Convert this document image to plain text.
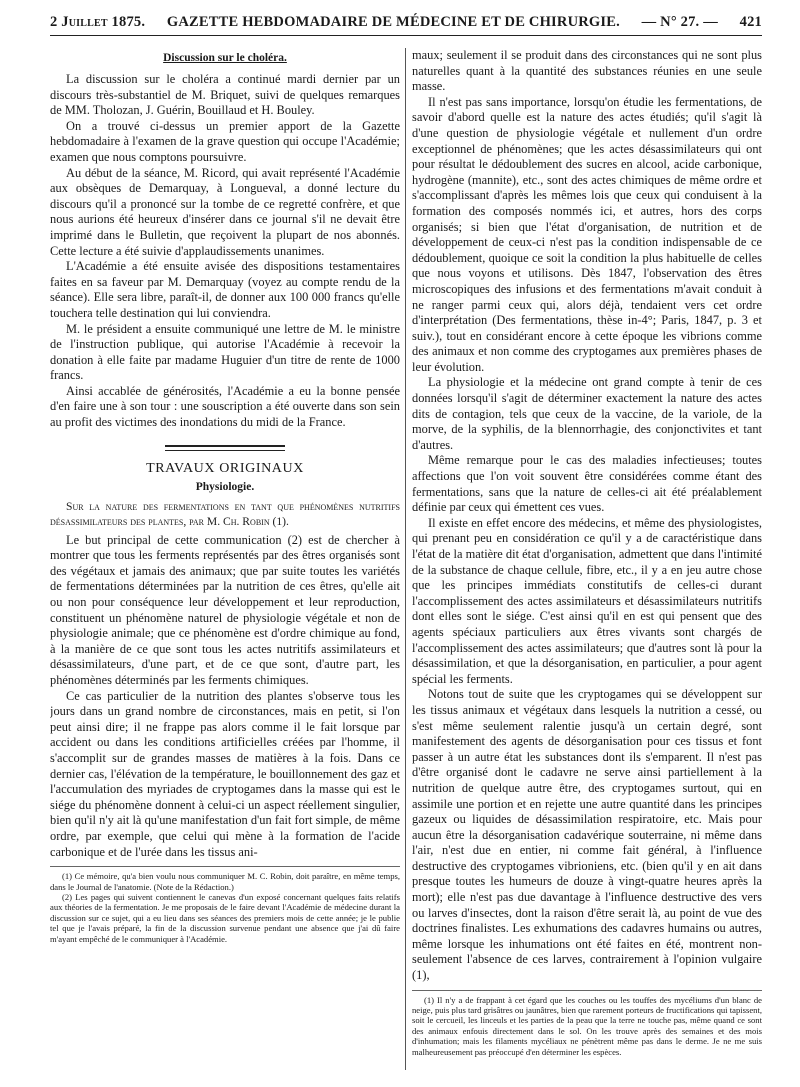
2 Juillet 1875. GAZETTE HEBDOMADAIRE DE MÉDECINE ET DE CHIRURGIE. — N° 27. — 421
Discussion sur le choléra.

La discussion sur le choléra a continué mardi dernier par un discours très-substantiel de M. Briquet, suivi de quelques remarques de MM. Tholozan, J. Guérin, Bouillaud et H. Bouley.

On a trouvé ci-dessus un premier apport de la Gazette hebdomadaire à l'examen de la grave question qui occupe l'Académie; examen que nous comptons poursuivre.

Au début de la séance, M. Ricord, qui avait représenté l'Académie aux obsèques de Demarquay, à Longueval, a donné lecture du discours qu'il a prononcé sur la tombe de ce regretté confrère, et que nous aurions été heureux d'insérer dans ce journal s'il ne devait être imprimé dans le Bulletin, que reçoivent la plupart de nos abonnés. Cette lecture a été suivie d'applaudissements unanimes.

L'Académie a été ensuite avisée des dispositions testamentaires faites en sa faveur par M. Demarquay (voyez au compte rendu de la séance). Elle sera libre, paraît-il, de donner aux 100 000 francs qu'elle touchera telle destination qui lui conviendra.

M. le président a ensuite communiqué une lettre de M. le ministre de l'instruction publique, qui autorise l'Académie à recevoir la donation à elle faite par madame Huguier d'un titre de rente de 1000 francs.

Ainsi accablée de générosités, l'Académie a eu la bonne pensée d'en faire une à son tour : une souscription a été ouverte dans son sein au profit des victimes des inondations du midi de la France.

TRAVAUX ORIGINAUX
Physiologie.
Sur la nature des fermentations en tant que phénomènes nutritifs désassimilateurs des plantes, par M. Ch. Robin (1).

Le but principal de cette communication (2) est de chercher à montrer que tous les ferments représentés par des êtres organisés sont des végétaux et jamais des animaux; que par suite toutes les variétés de fermentations déterminées par la nutrition de ces êtres, qu'elle ait ou non pour conséquence leur développement et leur reproduction, constituent un phénomène naturel de physiologie végétale et non de physiologie animale; que ce phénomène est d'ordre chimique au fond, à la manière de ce que sont tous les actes nutritifs assimilateurs et désassimilateurs, d'une part, et de ce que sont, d'autre part, les phénomènes déterminés par les ferments chimiques.

Ce cas particulier de la nutrition des plantes s'observe tous les jours dans un grand nombre de circonstances, mais en petit, si l'on peut ainsi dire; il ne frappe pas alors comme il le fait lorsque par accident ou dans les conditions artificielles créées par l'homme, il s'accomplit sur de grandes masses de matières à la fois. Dans ce dernier cas, l'élévation de la température, le bouillonnement des gaz et l'accumulation des myriades de cryptogames dans la masse qui est le siége du phénomène donnent à celui-ci un aspect réellement singulier, bien qu'il n'y ait là qu'une manifestation d'un fait fort simple, de même ordre, par exemple, que celui qui mène à la formation de l'acide carbonique et de l'urée dans les tissus ani-

(1) Ce mémoire, qu'a bien voulu nous communiquer M. C. Robin, doit paraître, en même temps, dans le Journal de l'anatomie. (Note de la Rédaction.)

(2) Les pages qui suivent contiennent le canevas d'un exposé concernant quelques faits relatifs aux théories de la fermentation. Je me proposais de le faire devant l'Académie de médecine durant la discussion sur ce sujet, qui a eu lieu dans ses séances des premiers mois de cette année; je le publie tel que je l'avais préparé, la fin de la discussion survenue pendant une absence que j'ai dû faire m'ayant empêché de le communiquer à l'Académie.

maux; seulement il se produit dans des circonstances qui ne sont plus naturelles quant à la quantité des substances réunies en une seule masse.

Il n'est pas sans importance, lorsqu'on étudie les fermentations, de savoir d'abord quelle est la nature des actes étudiés; qu'il s'agit là d'une question de physiologie végétale et nullement d'un ordre exceptionnel de phénomènes; que les actes désassimilateurs qui ont pour résultat le dédoublement des sucres en alcool, acide carbonique, hydrogène (mannite), etc., sont des actes chimiques de même ordre et s'accomplissant d'après les mêmes lois que ceux qui conduisent à la formation des composés nommés ici, et autres, hors des corps organisés; si bien que l'état d'organisation, de nutrition et de développement de ceux-ci n'est pas la condition indispensable de ce dédoublement, quoique ce soit la condition la plus habituelle de celles que nous voyons et utilisons. Dès 1847, l'observation des êtres microscopiques des infusions et des fermentations m'avait conduit à ne ranger parmi ceux qui, alors déjà, tendaient vers cet ordre d'interprétation (Des fermentations, thèse in-4°; Paris, 1847, p. 3 et suiv.), tout en considérant encore à cette époque les vibrions comme des animaux et non comme des cryptogames aux premières phases de leur évolution.

La physiologie et la médecine ont grand compte à tenir de ces données lorsqu'il s'agit de déterminer exactement la nature des actes dits de contagion, tels que ceux de la vaccine, de la variole, de la morve, de la syphilis, de la blennorrhagie, des conjonctivites et tant d'autres.

Même remarque pour le cas des maladies infectieuses; toutes affections que l'on voit souvent être considérées comme étant des fermentations, sans que la nature de celles-ci ait été préalablement définie par ceux qui émettent ces vues.

Il existe en effet encore des médecins, et même des physiologistes, qui prenant peu en considération ce qu'il y a de caractéristique dans l'état de la matière dit état d'organisation, admettent que dans l'intimité de la substance de chaque cellule, fibre, etc., il y a en jeu autre chose que les principes immédiats constitutifs de celles-ci durant l'accomplissement des actes assimilateurs et désassimilateurs nutritifs dont elles sont le siége. C'est ainsi qu'il en est qui pensent que des agents spéciaux particuliers aux êtres vivants sont chargés de l'accomplissement des actes assimilateurs; que d'autres sont là pour la désassimilation, et que la désorganisation, en particulier, a pour agent spécial les ferments.

Notons tout de suite que les cryptogames qui se développent sur les tissus animaux et végétaux dans lesquels la nutrition a cessé, ou s'est même seulement ralentie jusqu'à un certain degré, sont manifestement des agents de désorganisation pour ces tissus et font passer à un autre état les substances dont ils s'emparent. Il n'est pas d'être organisé dont le cadavre ne serve ainsi partiellement à la nutrition de quelque autre être, des cryptogames surtout, qui en assimile une portion et en rejette une autre quantité dans les principes gazeux ou liquides de désassimilation respiratoire, etc. Mais pour aucun être la désorganisation cadavérique souterraine, ni même dans l'air, n'est due en entier, ni comme fait général, à l'influence destructive des cryptogames vibrioniens, etc. (bien qu'il y en ait dans presque toutes les humeurs de douze à vingt-quatre heures après la mort); elle n'est pas due davantage à l'influence destructive des vers ou larves d'insectes, dont la raison d'être serait là, au point de vue des doctrines finalistes. Les exhumations des cadavres humains ou autres, même lorsque les inhumations ont été faites en été, montrent non-seulement l'absence de ces larves, contrairement à l'opinion vulgaire (1),

(1) Il n'y a de frappant à cet égard que les couches ou les touffes des mycéliums d'un blanc de neige, puis plus tard grisâtres ou jaunâtres, bien que rarement porteurs de fructifications qui tapissent, soit le cercueil, les linceuls et les parties de la peau que la terre ne touche pas, même quand ce sont des animaux enfouis directement dans le sol. On les trouve après des semaines et des mois d'inhumation; mais les filaments mycéliaux ne pénètrent même pas dans le derme. Je ne me suis malheureusement pas préoccupé d'en déterminer les espèces.
